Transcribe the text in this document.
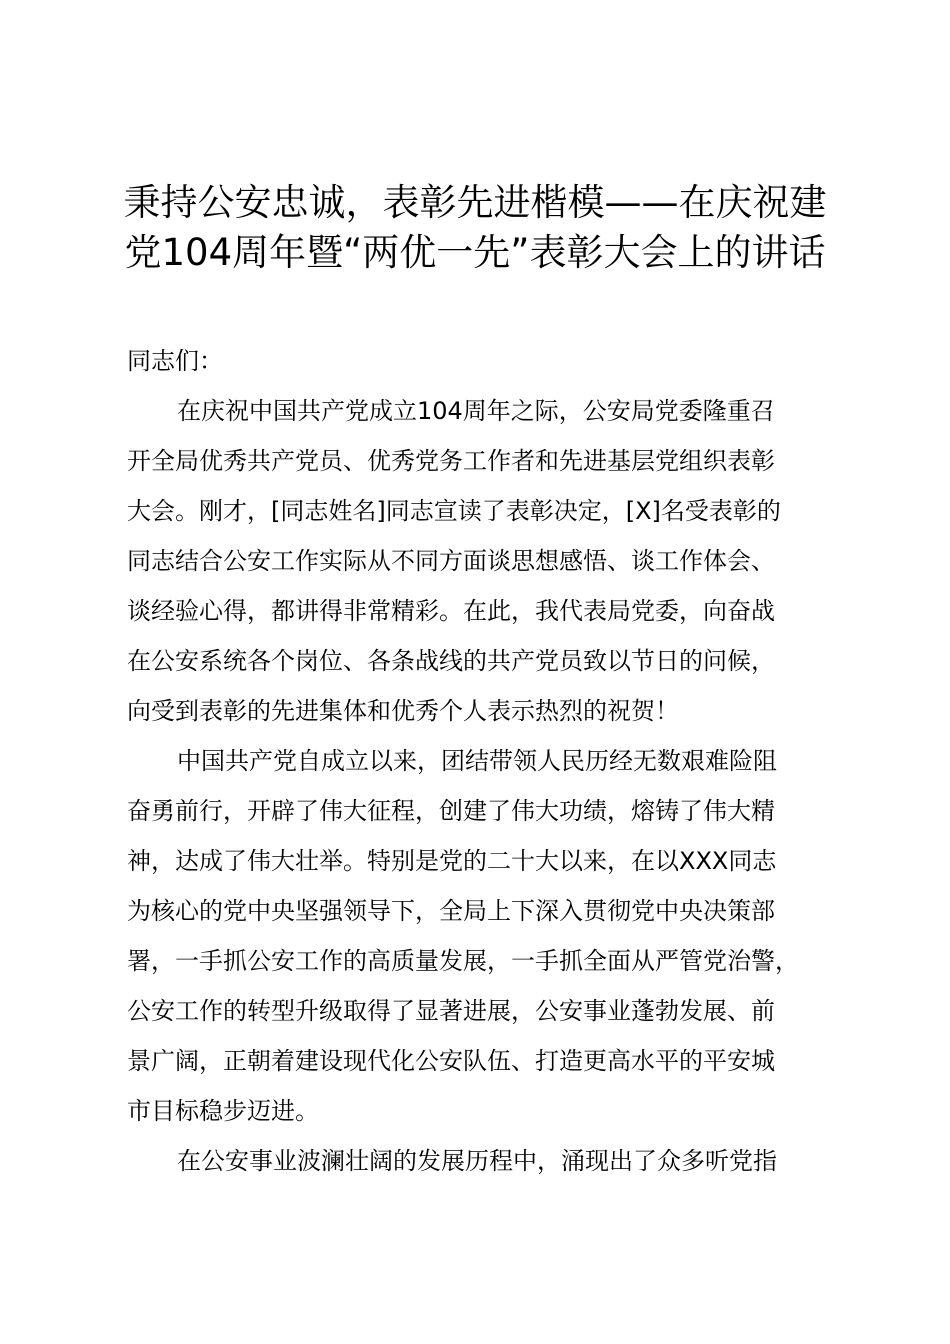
秉持公安忠诚，表彰先进楷模——在庆祝建
党104周年暨“两优一先”表彰大会上的讲话

同志们：

在庆祝中国共产党成立104周年之际，公安局党委隆重召
开全局优秀共产党员、优秀党务工作者和先进基层党组织表彰
大会。刚才，[同志姓名]同志宣读了表彰决定，[X]名受表彰的
同志结合公安工作实际从不同方面谈思想感悟、谈工作体会、
谈经验心得，都讲得非常精彩。在此，我代表局党委，向奋战
在公安系统各个岗位、各条战线的共产党员致以节日的问候，
向受到表彰的先进集体和优秀个人表示热烈的祝贺！

中国共产党自成立以来，团结带领人民历经无数艰难险阻
奋勇前行，开辟了伟大征程，创建了伟大功绩，熔铸了伟大精
神，达成了伟大壮举。特别是党的二十大以来，在以XXX同志
为核心的党中央坚强领导下，全局上下深入贯彻党中央决策部
署，一手抓公安工作的高质量发展，一手抓全面从严管党治警，
公安工作的转型升级取得了显著进展，公安事业蓬勃发展、前
景广阔，正朝着建设现代化公安队伍、打造更高水平的平安城
市目标稳步迈进。

在公安事业波澜壮阔的发展历程中，涌现出了众多听党指
